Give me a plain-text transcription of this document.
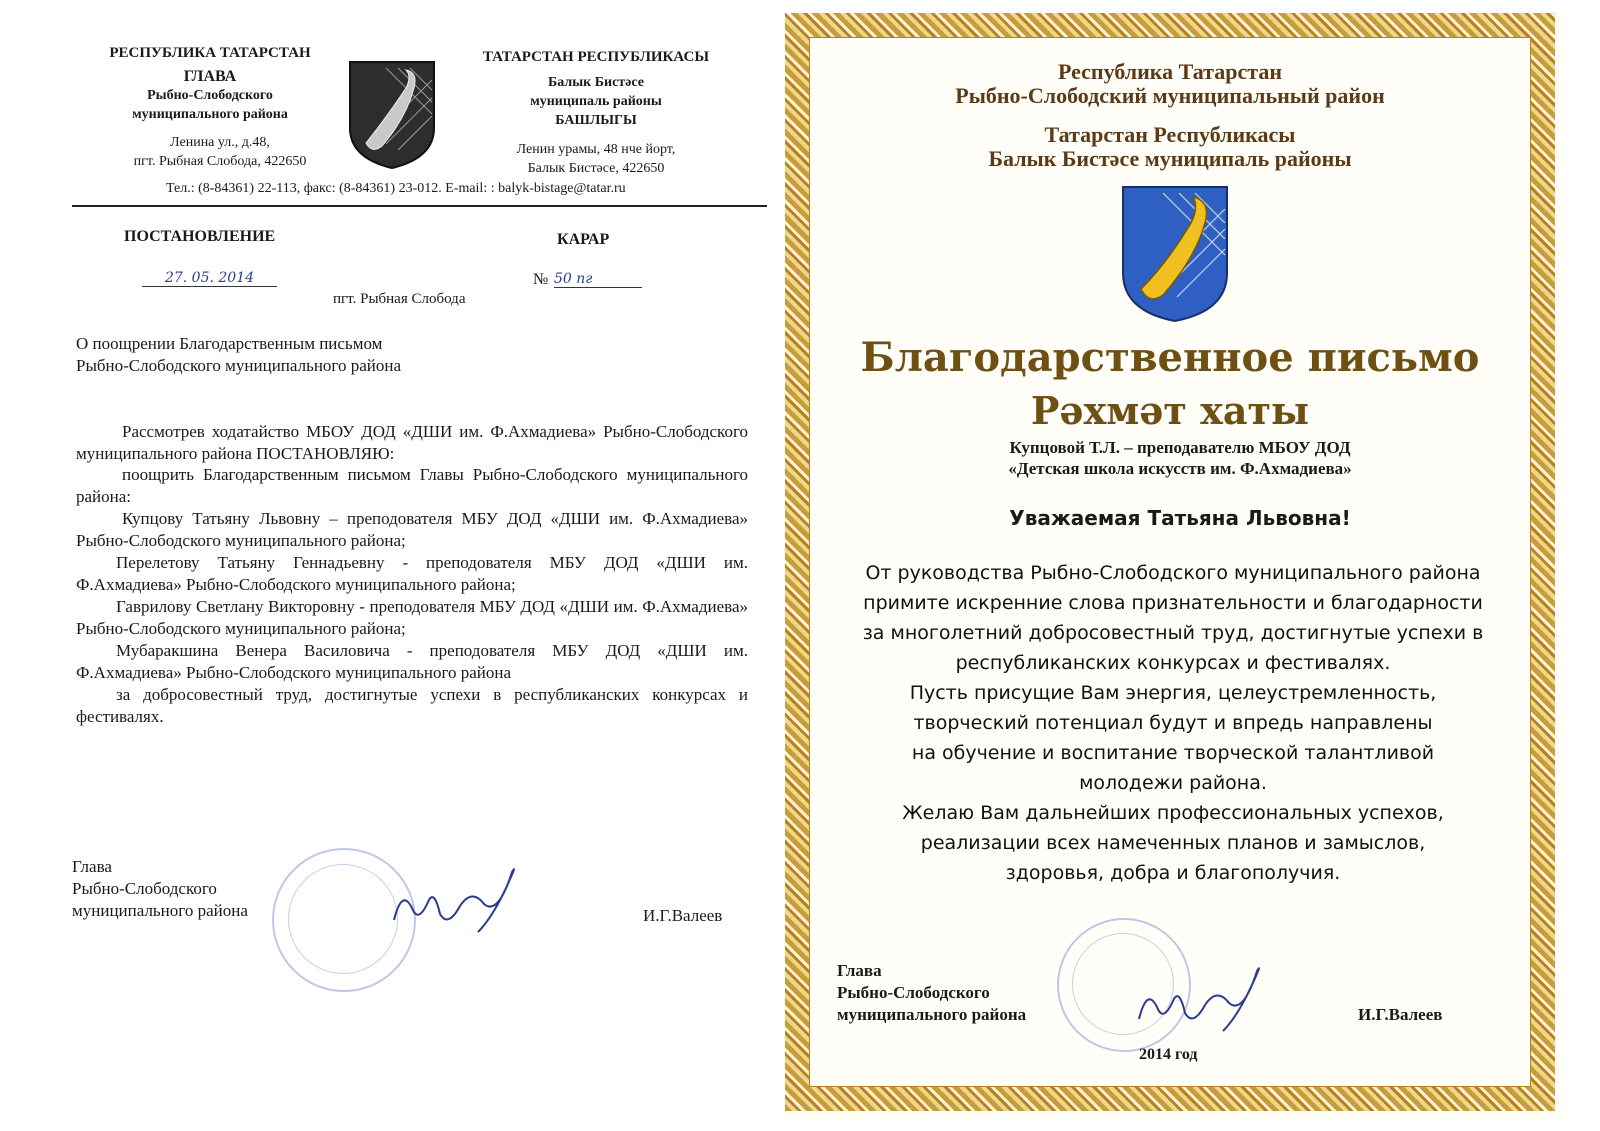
РЕСПУБЛИКА ТАТАРСТАН
ГЛАВА
Рыбно-Слободского
муниципального района
Ленина ул., д.48,
пгт. Рыбная Слобода, 422650
ТАТАРСТАН РЕСПУБЛИКАСЫ
Балык Бистәсе
муниципаль районы
БАШЛЫГЫ
Ленин урамы, 48 нче йорт,
Балык Бистәсе, 422650
Тел.: (8-84361) 22-113, факс: (8-84361) 23-012. E-mail: : balyk-bistage@tatar.ru
ПОСТАНОВЛЕНИЕ	КАРАР
27. 05. 2014	№ 50 пг
пгт. Рыбная Слобода
О поощрении Благодарственным письмом
Рыбно-Слободского муниципального района
Рассмотрев ходатайство МБОУ ДОД «ДШИ им. Ф.Ахмадиева» Рыбно-Слободского муниципального района ПОСТАНОВЛЯЮ:
поощрить Благодарственным письмом Главы Рыбно-Слободского муниципального района:
Купцову Татьяну Львовну – преподователя МБУ ДОД «ДШИ им. Ф.Ахмадиева» Рыбно-Слободского муниципального района;
Перелетову Татьяну Геннадьевну - преподователя МБУ ДОД «ДШИ им. Ф.Ахмадиева» Рыбно-Слободского муниципального района;
Гаврилову Светлану Викторовну - преподователя МБУ ДОД «ДШИ им. Ф.Ахмадиева» Рыбно-Слободского муниципального района;
Мубаракшина Венера Василовича - преподователя МБУ ДОД «ДШИ им. Ф.Ахмадиева» Рыбно-Слободского муниципального района
за добросовестный труд, достигнутые успехи в республиканских конкурсах и фестивалях.
Глава
Рыбно-Слободского
муниципального района	И.Г.Валеев
Республика Татарстан
Рыбно-Слободский муниципальный район
Татарстан Республикасы
Балык Бистәсе муниципаль районы
Благодарственное письмо
Рәхмәт хаты
Купцовой Т.Л. – преподавателю МБОУ ДОД
«Детская школа искусств им. Ф.Ахмадиева»
Уважаемая Татьяна Львовна!
От руководства Рыбно-Слободского муниципального района
примите искренние слова признательности и благодарности
за многолетний добросовестный труд, достигнутые успехи в
республиканских конкурсах и фестивалях.
Пусть присущие Вам энергия, целеустремленность,
творческий потенциал будут и впредь направлены
на обучение и воспитание творческой талантливой
молодежи района.
Желаю Вам дальнейших профессиональных успехов,
реализации всех намеченных планов и замыслов,
здоровья, добра и благополучия.
Глава
Рыбно-Слободского
муниципального района	И.Г.Валеев
2014 год
